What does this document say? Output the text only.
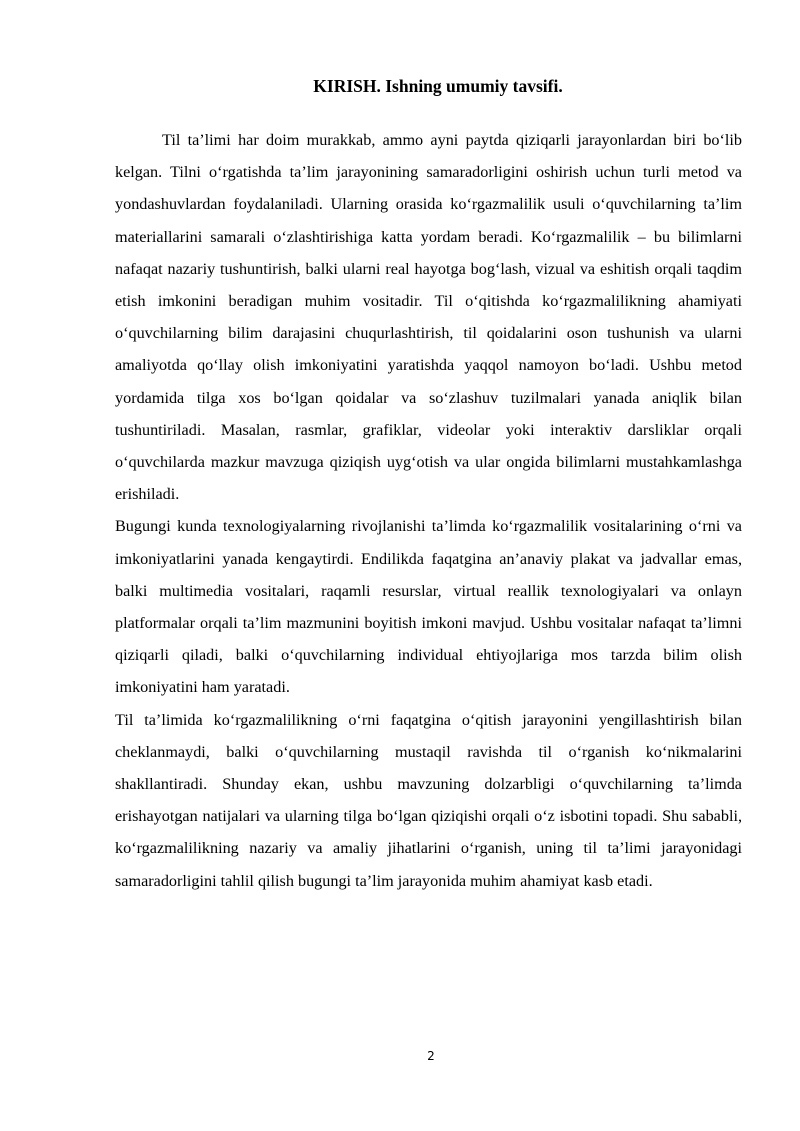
KIRISH. Ishning umumiy tavsifi.

Til ta’limi har doim murakkab, ammo ayni paytda qiziqarli jarayonlardan biri bo‘lib kelgan. Tilni o‘rgatishda ta’lim jarayonining samaradorligini oshirish uchun turli metod va yondashuvlardan foydalaniladi. Ularning orasida ko‘rgazmalilik usuli o‘quvchilarning ta’lim materiallarini samarali o‘zlashtirishiga katta yordam beradi. Ko‘rgazmalilik – bu bilimlarni nafaqat nazariy tushuntirish, balki ularni real hayotga bog‘lash, vizual va eshitish orqali taqdim etish imkonini beradigan muhim vositadir. Til o‘qitishda ko‘rgazmalilikning ahamiyati o‘quvchilarning bilim darajasini chuqurlashtirish, til qoidalarini oson tushunish va ularni amaliyotda qo‘llay olish imkoniyatini yaratishda yaqqol namoyon bo‘ladi. Ushbu metod yordamida tilga xos bo‘lgan qoidalar va so‘zlashuv tuzilmalari yanada aniqlik bilan tushuntiriladi. Masalan, rasmlar, grafiklar, videolar yoki interaktiv darsliklar orqali o‘quvchilarda mazkur mavzuga qiziqish uyg‘otish va ular ongida bilimlarni mustahkamlashga erishiladi.

Bugungi kunda texnologiyalarning rivojlanishi ta’limda ko‘rgazmalilik vositalarining o‘rni va imkoniyatlarini yanada kengaytirdi. Endilikda faqatgina an’anaviy plakat va jadvallar emas, balki multimedia vositalari, raqamli resurslar, virtual reallik texnologiyalari va onlayn platformalar orqali ta’lim mazmunini boyitish imkoni mavjud. Ushbu vositalar nafaqat ta’limni qiziqarli qiladi, balki o‘quvchilarning individual ehtiyojlariga mos tarzda bilim olish imkoniyatini ham yaratadi.

Til ta’limida ko‘rgazmalilikning o‘rni faqatgina o‘qitish jarayonini yengillashtirish bilan cheklanmaydi, balki o‘quvchilarning mustaqil ravishda til o‘rganish ko‘nikmalarini shakllantiradi. Shunday ekan, ushbu mavzuning dolzarbligi o‘quvchilarning ta’limda erishayotgan natijalari va ularning tilga bo‘lgan qiziqishi orqali o‘z isbotini topadi. Shu sababli, ko‘rgazmalilikning nazariy va amaliy jihatlarini o‘rganish, uning til ta’limi jarayonidagi samaradorligini tahlil qilish bugungi ta’lim jarayonida muhim ahamiyat kasb etadi.

2
